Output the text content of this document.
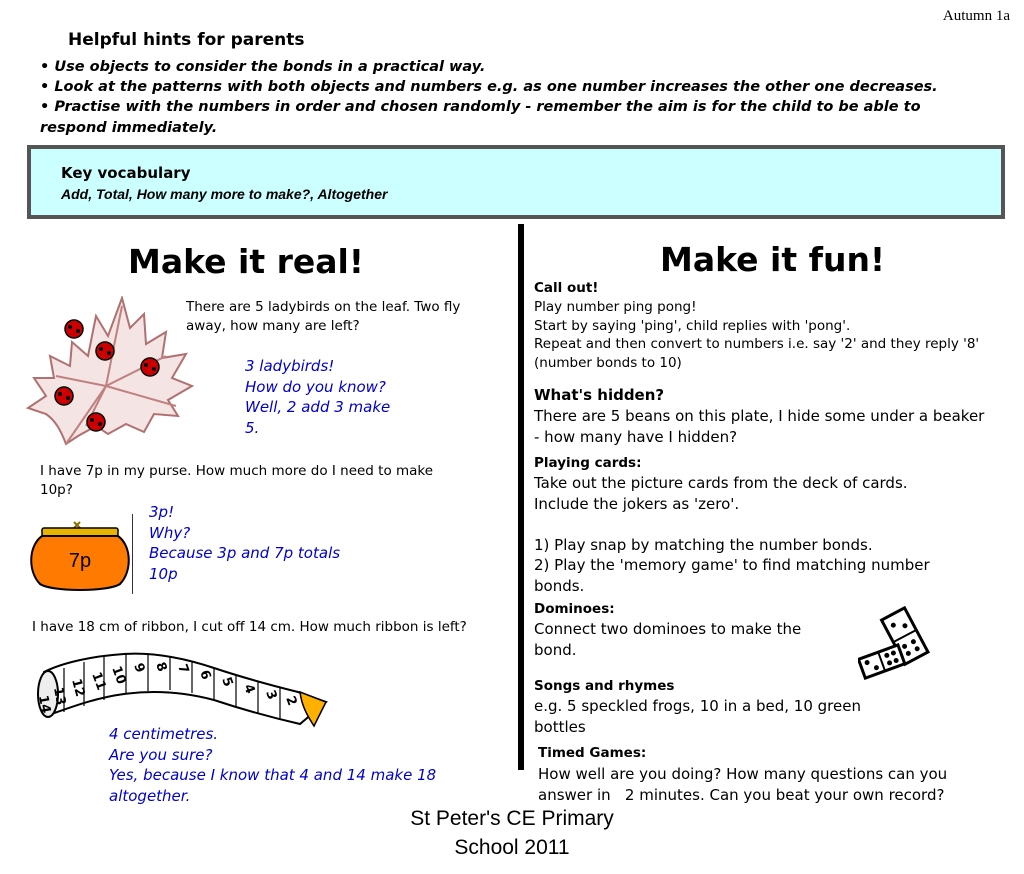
Autumn 1a
Helpful hints for parents
• Use objects to consider the bonds in a practical way.
• Look at the patterns with both objects and numbers e.g. as one number increases the other one decreases.
• Practise with the numbers in order and chosen randomly - remember the aim is for the child to be able to
respond immediately.
Key vocabulary
Add, Total, How many more to make?, Altogether
Make it real!
There are 5 ladybirds on the leaf. Two fly
away, how many are left?
3 ladybirds!
How do you know?
Well, 2 add 3 make
5.
I have 7p in my purse. How much more do I need to make
10p?
7p
3p!
Why?
Because 3p and 7p totals
10p
I have 18 cm of ribbon, I cut off 14 cm. How much ribbon is left?
14
13 12 11 10 9 8 7 6
5
4 3 2
4 centimetres.
Are you sure?
Yes, because I know that 4 and 14 make 18
altogether.
Make it fun!
Call out!
Play number ping pong!
Start by saying 'ping', child replies with 'pong'.
Repeat and then convert to numbers i.e. say '2' and they reply '8'
(number bonds to 10)
What's hidden?
There are 5 beans on this plate, I hide some under a beaker
- how many have I hidden?
Playing cards:
Take out the picture cards from the deck of cards.
Include the jokers as 'zero'.
1) Play snap by matching the number bonds.
2) Play the 'memory game' to find matching number
bonds.
Dominoes:
Connect two dominoes to make the
bond.
Songs and rhymes
e.g. 5 speckled frogs, 10 in a bed, 10 green
bottles
Timed Games:
How well are you doing? How many questions can you
answer in   2 minutes. Can you beat your own record?
St Peter's CE Primary
School 2011
